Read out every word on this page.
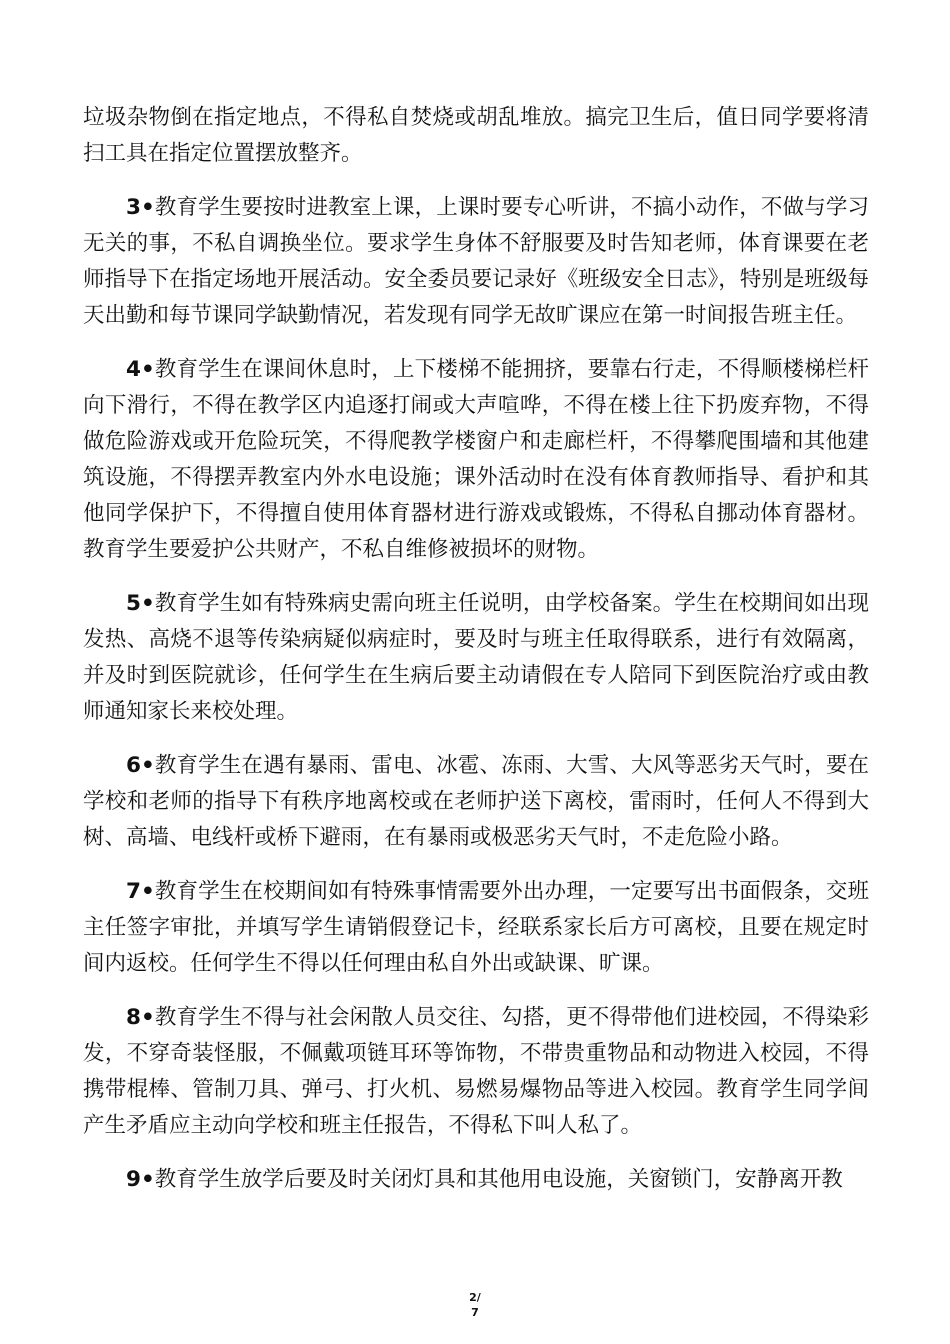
垃圾杂物倒在指定地点，不得私自焚烧或胡乱堆放。搞完卫生后，值日同学要将清扫工具在指定位置摆放整齐。

3•教育学生要按时进教室上课，上课时要专心听讲，不搞小动作，不做与学习无关的事，不私自调换坐位。要求学生身体不舒服要及时告知老师，体育课要在老师指导下在指定场地开展活动。安全委员要记录好《班级安全日志》，特别是班级每天出勤和每节课同学缺勤情况，若发现有同学无故旷课应在第一时间报告班主任。

4•教育学生在课间休息时，上下楼梯不能拥挤，要靠右行走，不得顺楼梯栏杆向下滑行，不得在教学区内追逐打闹或大声喧哗，不得在楼上往下扔废弃物，不得做危险游戏或开危险玩笑，不得爬教学楼窗户和走廊栏杆，不得攀爬围墙和其他建筑设施，不得摆弄教室内外水电设施；课外活动时在没有体育教师指导、看护和其他同学保护下，不得擅自使用体育器材进行游戏或锻炼，不得私自挪动体育器材。教育学生要爱护公共财产，不私自维修被损坏的财物。

5•教育学生如有特殊病史需向班主任说明，由学校备案。学生在校期间如出现发热、高烧不退等传染病疑似病症时，要及时与班主任取得联系，进行有效隔离，并及时到医院就诊，任何学生在生病后要主动请假在专人陪同下到医院治疗或由教师通知家长来校处理。

6•教育学生在遇有暴雨、雷电、冰雹、冻雨、大雪、大风等恶劣天气时，要在学校和老师的指导下有秩序地离校或在老师护送下离校，雷雨时，任何人不得到大树、高墙、电线杆或桥下避雨，在有暴雨或极恶劣天气时，不走危险小路。

7•教育学生在校期间如有特殊事情需要外出办理，一定要写出书面假条，交班主任签字审批，并填写学生请销假登记卡，经联系家长后方可离校，且要在规定时间内返校。任何学生不得以任何理由私自外出或缺课、旷课。

8•教育学生不得与社会闲散人员交往、勾搭，更不得带他们进校园，不得染彩发，不穿奇装怪服，不佩戴项链耳环等饰物，不带贵重物品和动物进入校园，不得携带棍棒、管制刀具、弹弓、打火机、易燃易爆物品等进入校园。教育学生同学间产生矛盾应主动向学校和班主任报告，不得私下叫人私了。

9•教育学生放学后要及时关闭灯具和其他用电设施，关窗锁门，安静离开教

2/
7
